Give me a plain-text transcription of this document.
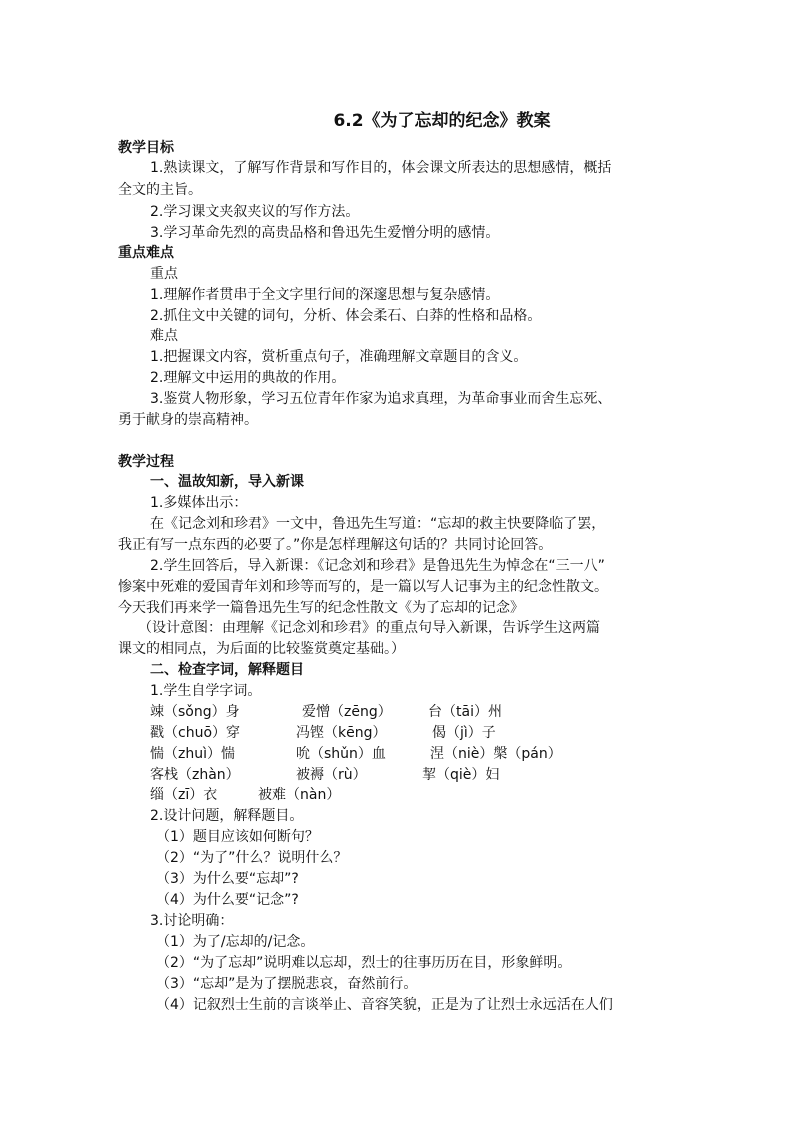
6.2《为了忘却的纪念》教案
教学目标
1.熟读课文，了解写作背景和写作目的，体会课文所表达的思想感情，概括
全文的主旨。
2.学习课文夹叙夹议的写作方法。
3.学习革命先烈的高贵品格和鲁迅先生爱憎分明的感情。
重点难点
重点
1.理解作者贯串于全文字里行间的深邃思想与复杂感情。
2.抓住文中关键的词句，分析、体会柔石、白莽的性格和品格。
难点
1.把握课文内容，赏析重点句子，准确理解文章题目的含义。
2.理解文中运用的典故的作用。
3.鉴赏人物形象，学习五位青年作家为追求真理，为革命事业而舍生忘死、
勇于献身的崇高精神。
教学过程
一、温故知新，导入新课
1.多媒体出示：
在《记念刘和珍君》一文中，鲁迅先生写道：“忘却的救主快要降临了罢，
我正有写一点东西的必要了。”你是怎样理解这句话的？共同讨论回答。
2.学生回答后，导入新课：《记念刘和珍君》是鲁迅先生为悼念在“三一八”
惨案中死难的爱国青年刘和珍等而写的，是一篇以写人记事为主的纪念性散文。
今天我们再来学一篇鲁迅先生写的纪念性散文《为了忘却的记念》
（设计意图：由理解《记念刘和珍君》的重点句导入新课，告诉学生这两篇
课文的相同点，为后面的比较鉴赏奠定基础。）
二、检查字词，解释题目
1.学生自学字词。
竦（sǒng）身	爱憎（zēng）	台（tāi）州
戳（chuō）穿	冯铿（kēng）	偈（jì）子
惴（zhuì）惴	吮（shǔn）血	涅（niè）槃（pán）
客栈（zhàn）	被褥（rù）	挈（qiè）妇
缁（zī）衣	被难（nàn）
2.设计问题，解释题目。
（1）题目应该如何断句？
（2）“为了”什么？说明什么？
（3）为什么要“忘却”?
（4）为什么要“记念”?
3.讨论明确：
（1）为了/忘却的/记念。
（2）“为了忘却”说明难以忘却，烈士的往事历历在目，形象鲜明。
（3）“忘却”是为了摆脱悲哀，奋然前行。
（4）记叙烈士生前的言谈举止、音容笑貌，正是为了让烈士永远活在人们
